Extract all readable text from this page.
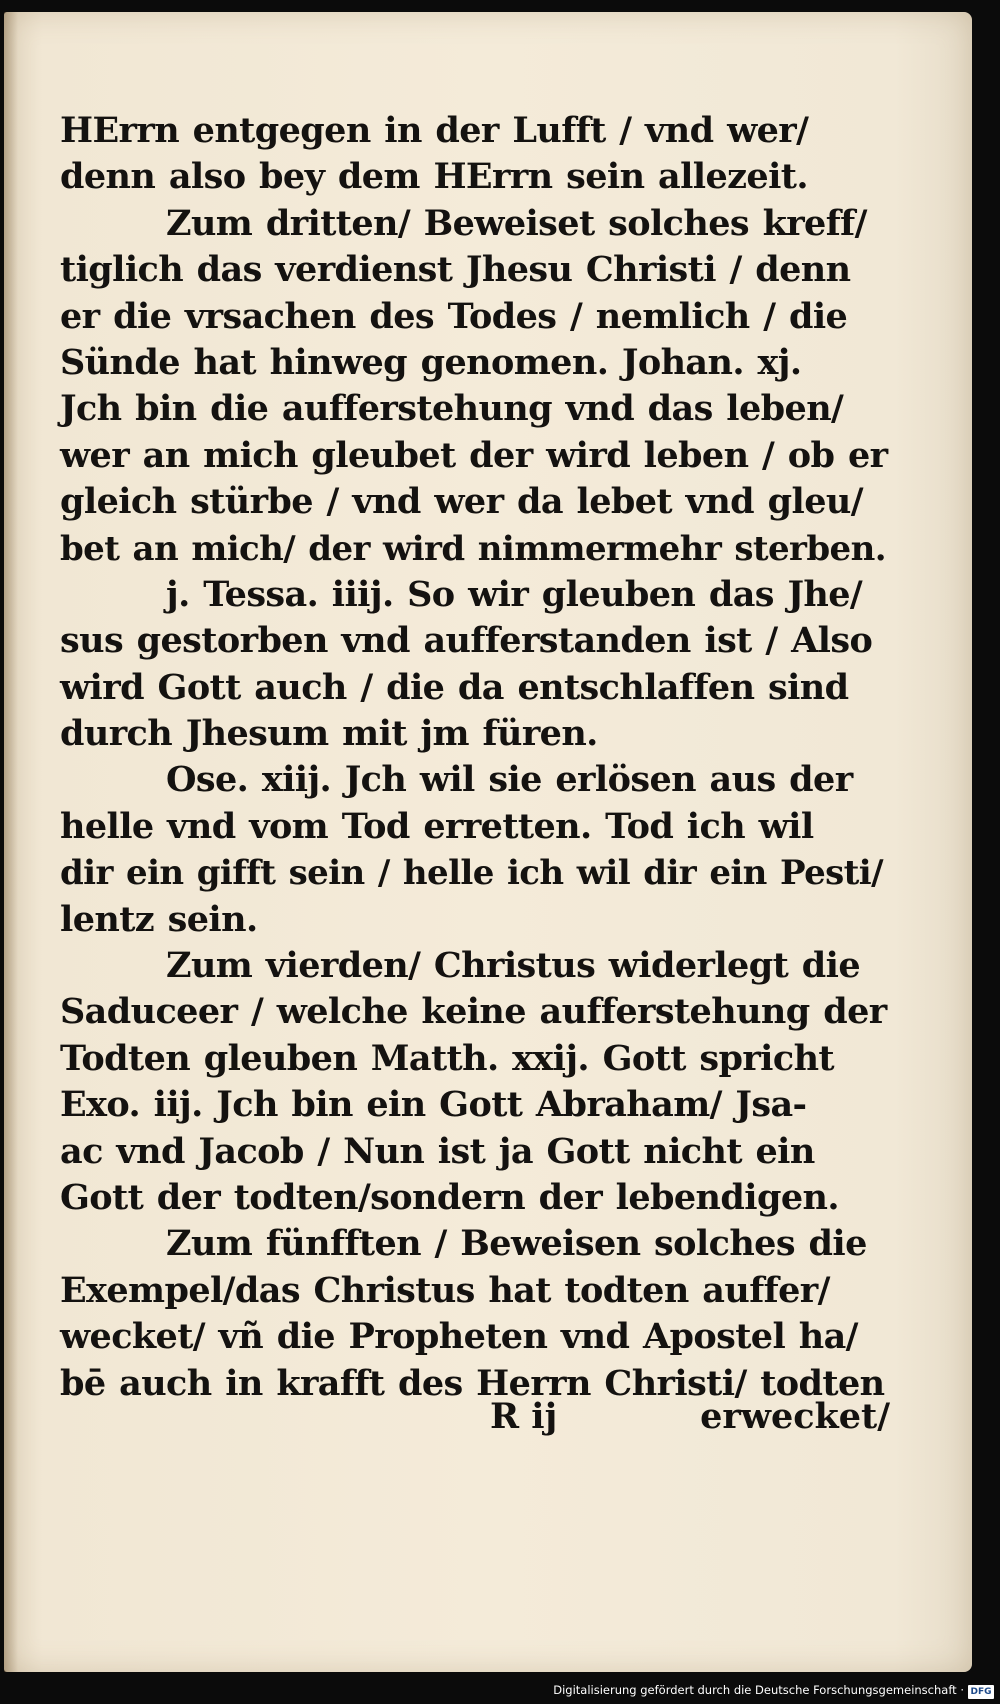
HErrn entgegen in der Lufft / vnd wer/
denn also bey dem HErrn sein allezeit.
Zum dritten/ Beweiset solches kreff/
tiglich das verdienst Jhesu Christi / denn
er die vrsachen des Todes / nemlich / die
Sünde hat hinweg genomen. Johan. xj.
Jch bin die aufferstehung vnd das leben/
wer an mich gleubet der wird leben / ob er
gleich stürbe / vnd wer da lebet vnd gleu/
bet an mich/ der wird nimmermehr sterben.
j. Tessa. iiij. So wir gleuben das Jhe/
sus gestorben vnd aufferstanden ist / Also
wird Gott auch / die da entschlaffen sind
durch Jhesum mit jm füren.
Ose. xiij. Jch wil sie erlösen aus der
helle vnd vom Tod erretten. Tod ich wil
dir ein gifft sein / helle ich wil dir ein Pesti/
lentz sein.
Zum vierden/ Christus widerlegt die
Saduceer / welche keine aufferstehung der
Todten gleuben Matth. xxij. Gott spricht
Exo. iij. Jch bin ein Gott Abraham/ Jsa-
ac vnd Jacob / Nun ist ja Gott nicht ein
Gott der todten/sondern der lebendigen.
Zum fünfften / Beweisen solches die
Exempel/das Christus hat todten auffer/
wecket/ vñ die Propheten vnd Apostel ha/
bē auch in krafft des Herrn Christi/ todten
R ij	erwecket/
Digitalisierung gefördert durch die Deutsche Forschungsgemeinschaft · DFG
